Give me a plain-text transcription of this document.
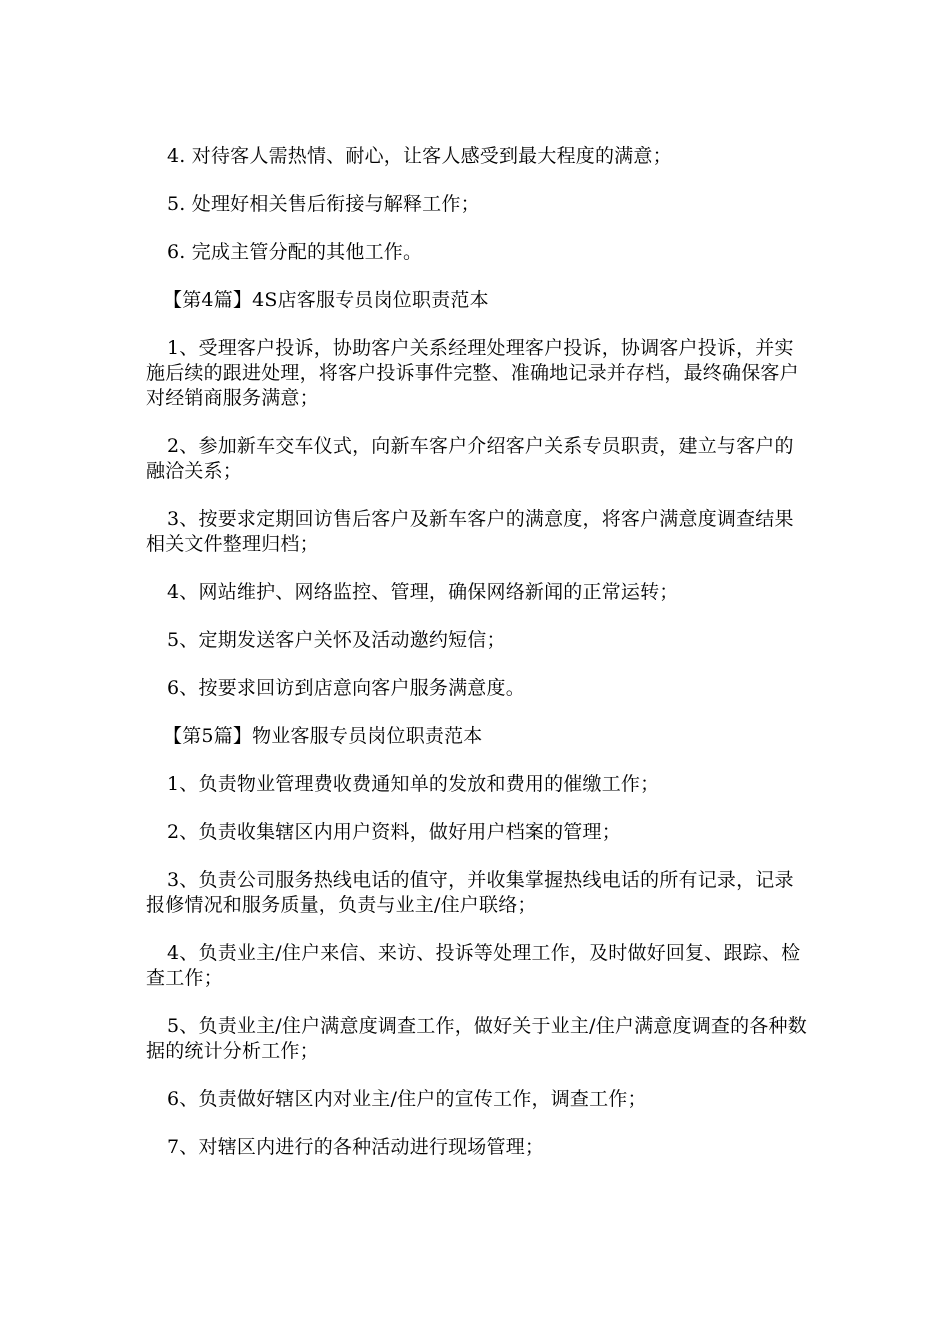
4. 对待客人需热情、耐心，让客人感受到最大程度的满意；

5. 处理好相关售后衔接与解释工作；

6. 完成主管分配的其他工作。

【第4篇】4S店客服专员岗位职责范本

1、受理客户投诉，协助客户关系经理处理客户投诉，协调客户投诉，并实施后续的跟进处理，将客户投诉事件完整、准确地记录并存档，最终确保客户对经销商服务满意；

2、参加新车交车仪式，向新车客户介绍客户关系专员职责，建立与客户的融洽关系；

3、按要求定期回访售后客户及新车客户的满意度，将客户满意度调查结果相关文件整理归档；

4、网站维护、网络监控、管理，确保网络新闻的正常运转；

5、定期发送客户关怀及活动邀约短信；

6、按要求回访到店意向客户服务满意度。

【第5篇】物业客服专员岗位职责范本

1、负责物业管理费收费通知单的发放和费用的催缴工作；

2、负责收集辖区内用户资料，做好用户档案的管理；

3、负责公司服务热线电话的值守，并收集掌握热线电话的所有记录，记录报修情况和服务质量，负责与业主/住户联络；

4、负责业主/住户来信、来访、投诉等处理工作，及时做好回复、跟踪、检查工作；

5、负责业主/住户满意度调查工作，做好关于业主/住户满意度调查的各种数据的统计分析工作；

6、负责做好辖区内对业主/住户的宣传工作，调查工作；

7、对辖区内进行的各种活动进行现场管理；
